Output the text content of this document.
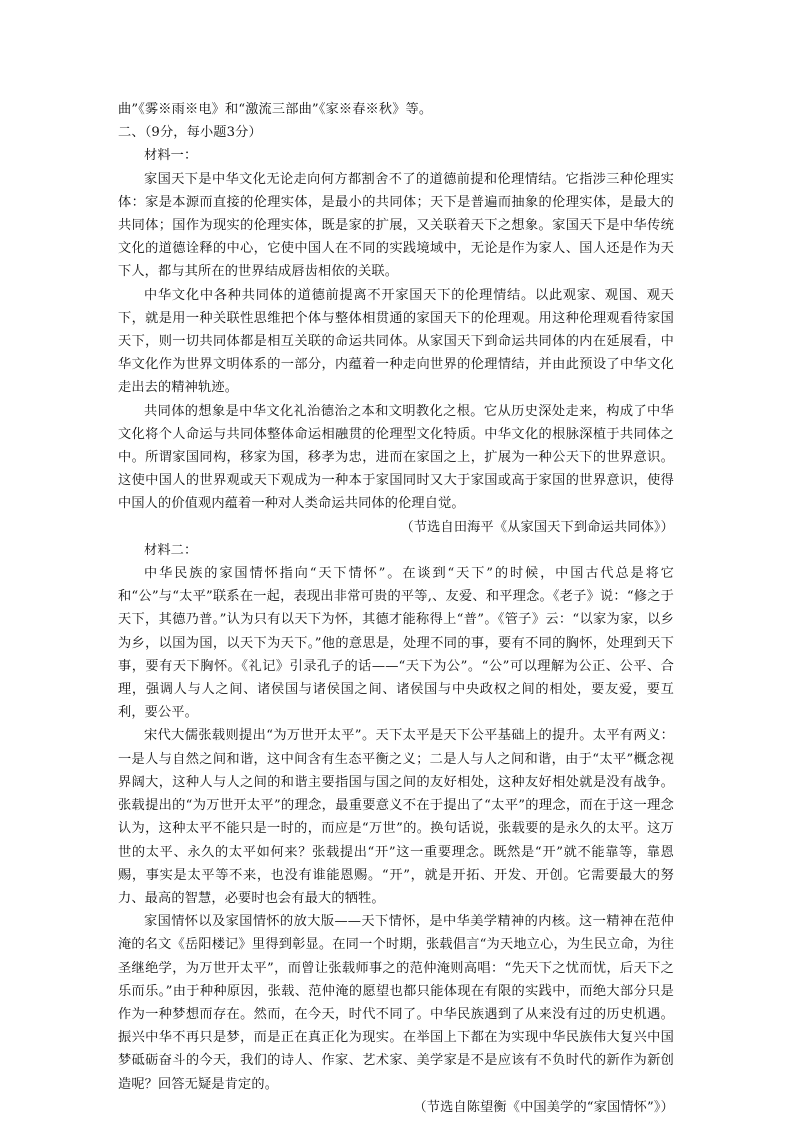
曲”《雾※雨※电》和“激流三部曲”《家※春※秋》等。

二、（9分，每小题3分）

材料一：

家国天下是中华文化无论走向何方都割舍不了的道德前提和伦理情结。它指涉三种伦理实体：家是本源而直接的伦理实体，是最小的共同体；天下是普遍而抽象的伦理实体，是最大的共同体；国作为现实的伦理实体，既是家的扩展，又关联着天下之想象。家国天下是中华传统文化的道德诠释的中心，它使中国人在不同的实践境域中，无论是作为家人、国人还是作为天下人，都与其所在的世界结成唇齿相依的关联。

中华文化中各种共同体的道德前提离不开家国天下的伦理情结。以此观家、观国、观天下，就是用一种关联性思维把个体与整体相贯通的家国天下的伦理观。用这种伦理观看待家国天下，则一切共同体都是相互关联的命运共同体。从家国天下到命运共同体的内在延展看，中华文化作为世界文明体系的一部分，内蕴着一种走向世界的伦理情结，并由此预设了中华文化走出去的精神轨迹。

共同体的想象是中华文化礼治德治之本和文明教化之根。它从历史深处走来，构成了中华文化将个人命运与共同体整体命运相融贯的伦理型文化特质。中华文化的根脉深植于共同体之中。所谓家国同构，移家为国，移孝为忠，进而在家国之上，扩展为一种公天下的世界意识。这使中国人的世界观或天下观成为一种本于家国同时又大于家国或高于家国的世界意识，使得中国人的价值观内蕴着一种对人类命运共同体的伦理自觉。

（节选自田海平《从家国天下到命运共同体》）

材料二：

中华民族的家国情怀指向“天下情怀”。在谈到“天下”的时候，中国古代总是将它和“公”与“太平”联系在一起，表现出非常可贵的平等,、友爱、和平理念。《老子》说：“修之于天下，其德乃普。”认为只有以天下为怀，其德才能称得上“普”。《管子》云：“以家为家，以乡为乡，以国为国，以天下为天下。”他的意思是，处理不同的事，要有不同的胸怀，处理到天下事，要有天下胸怀。《礼记》引录孔子的话——“天下为公”。“公”可以理解为公正、公平、合理，强调人与人之间、诸侯国与诸侯国之间、诸侯国与中央政权之间的相处，要友爱，要互利，要公平。

宋代大儒张载则提出“为万世开太平”。天下太平是天下公平基础上的提升。太平有两义：一是人与自然之间和谐，这中间含有生态平衡之义；二是人与人之间和谐，由于“太平”概念视界阔大，这种人与人之间的和谐主要指国与国之间的友好相处，这种友好相处就是没有战争。张载提出的“为万世开太平”的理念，最重要意义不在于提出了“太平”的理念，而在于这一理念认为，这种太平不能只是一时的，而应是“万世”的。换句话说，张载要的是永久的太平。这万世的太平、永久的太平如何来？张载提出“开”这一重要理念。既然是“开”就不能靠等，靠恩赐，事实是太平等不来，也没有谁能恩赐。“开”，就是开拓、开发、开创。它需要最大的努力、最高的智慧，必要时也会有最大的牺牲。

家国情怀以及家国情怀的放大版——天下情怀，是中华美学精神的内核。这一精神在范仲淹的名文《岳阳楼记》里得到彰显。在同一个时期，张载倡言“为天地立心，为生民立命，为往圣继绝学，为万世开太平”，而曾让张载师事之的范仲淹则高唱：“先天下之忧而忧，后天下之乐而乐。”由于种种原因，张载、范仲淹的愿望也都只能体现在有限的实践中，而绝大部分只是作为一种梦想而存在。然而，在今天，时代不同了。中华民族遇到了从来没有过的历史机遇。振兴中华不再只是梦，而是正在真正化为现实。在举国上下都在为实现中华民族伟大复兴中国梦砥砺奋斗的今天，我们的诗人、作家、艺术家、美学家是不是应该有不负时代的新作为新创造呢？回答无疑是肯定的。

（节选自陈望衡《中国美学的“家国情怀”》）
